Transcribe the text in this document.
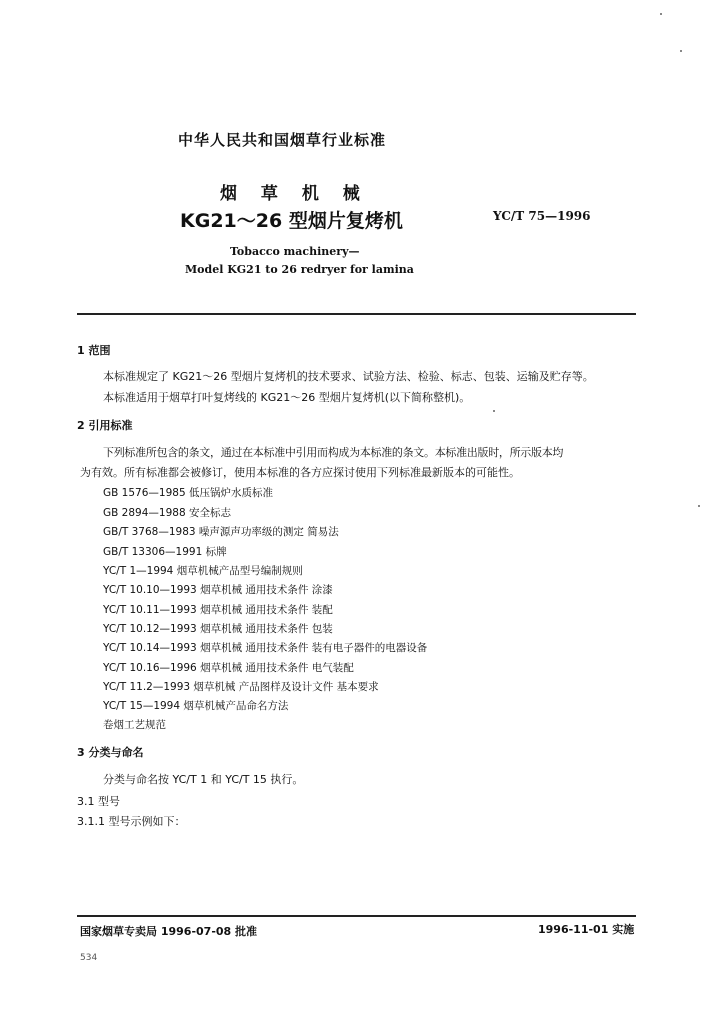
中华人民共和国烟草行业标准
烟 草 机 械
KG21～26 型烟片复烤机	YC/T 75—1996
Tobacco machinery—
Model KG21 to 26 redryer for lamina
1 范围
本标准规定了 KG21～26 型烟片复烤机的技术要求、试验方法、检验、标志、包装、运输及贮存等。
本标准适用于烟草打叶复烤线的 KG21～26 型烟片复烤机(以下简称整机)。
2 引用标准
下列标准所包含的条文，通过在本标准中引用而构成为本标准的条文。本标准出版时，所示版本均
为有效。所有标准都会被修订，使用本标准的各方应探讨使用下列标准最新版本的可能性。
GB 1576—1985 低压锅炉水质标准
GB 2894—1988 安全标志
GB/T 3768—1983 噪声源声功率级的测定 简易法
GB/T 13306—1991 标牌
YC/T 1—1994 烟草机械产品型号编制规则
YC/T 10.10—1993 烟草机械 通用技术条件 涂漆
YC/T 10.11—1993 烟草机械 通用技术条件 装配
YC/T 10.12—1993 烟草机械 通用技术条件 包装
YC/T 10.14—1993 烟草机械 通用技术条件 装有电子器件的电器设备
YC/T 10.16—1996 烟草机械 通用技术条件 电气装配
YC/T 11.2—1993 烟草机械 产品图样及设计文件 基本要求
YC/T 15—1994 烟草机械产品命名方法
卷烟工艺规范
3 分类与命名
分类与命名按 YC/T 1 和 YC/T 15 执行。
3.1 型号
3.1.1 型号示例如下：
国家烟草专卖局 1996-07-08 批准	1996-11-01 实施
534
